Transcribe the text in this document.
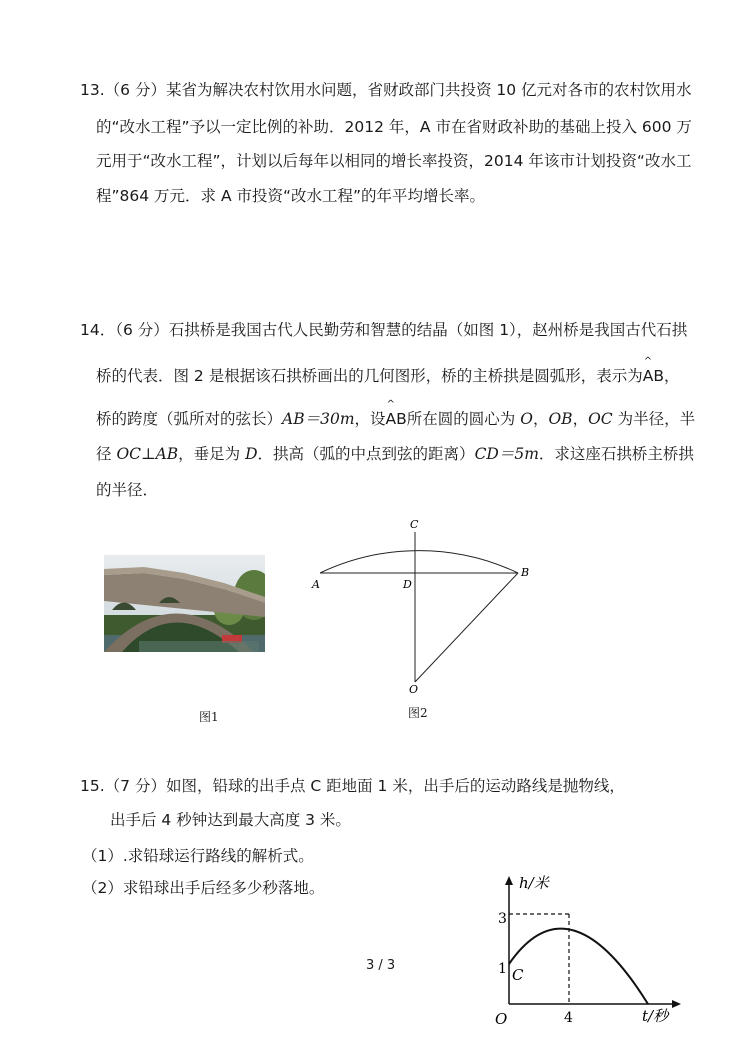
13.（6 分）某省为解决农村饮用水问题，省财政部门共投资 10 亿元对各市的农村饮用水
的“改水工程”予以一定比例的补助．2012 年，A 市在省财政补助的基础上投入 600 万
元用于“改水工程”，计划以后每年以相同的增长率投资，2014 年该市计划投资“改水工
程”864 万元．求 A 市投资“改水工程”的年平均增长率。
14．（6 分）石拱桥是我国古代人民勤劳和智慧的结晶（如图 1），赵州桥是我国古代石拱
桥的代表．图 2 是根据该石拱桥画出的几何图形，桥的主桥拱是圆弧形，表示为^ AB，
桥的跨度（弧所对的弦长）AB＝30m，设^ AB所在圆的圆心为 O，OB，OC 为半径，半
径 OC⊥AB，垂足为 D．拱高（弧的中点到弦的距离）CD＝5m．求这座石拱桥主桥拱
的半径．
图1
C
A	D
B
O
图2
15.（7 分）如图，铅球的出手点 C 距地面 1 米，出手后的运动路线是抛物线，
出手后 4 秒钟达到最大高度 3 米。
（1）.求铅球运行路线的解析式。
（2）求铅球出手后经多少秒落地。	h/米
t/秒
O
3
1
4
C
3 / 3
